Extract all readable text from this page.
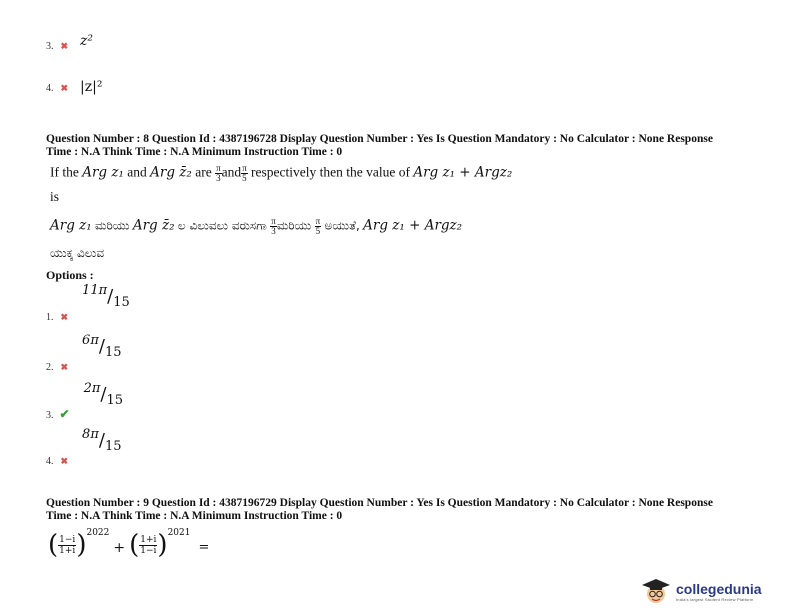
3. ✖ z²
4. ✖ |z|²
Question Number : 8 Question Id : 4387196728 Display Question Number : Yes Is Question Mandatory : No Calculator : None Response
Time : N.A Think Time : N.A Minimum Instruction Time : 0
If the Arg z₁ and Arg z̄₂ are $\frac{\pi}{3}$ and $\frac{\pi}{5}$ respectively then the value of Arg z₁ + Argz₂
is
Arg z₁ ಮರಿಯು Arg z̄₂ ಲ ವಿಲುವಲು ವರುಸಗಾ $\frac{\pi}{3}$ ಮರಿಯು $\frac{\pi}{5}$ ಅಯುತೆ, Arg z₁ + Argz₂
ಯುಕ್ಕ ವಿಲುವ
Options :
$_{1.}$ $_✖$ 11π/15
$_{2.}$ $_✖$ 6π/15
$_{3.}$ $_✔$ 2π/15
$_{4.}$ $_✖$ 8π/15
Question Number : 9 Question Id : 4387196729 Display Question Number : Yes Is Question Mandatory : No Calculator : None Response
Time : N.A Think Time : N.A Minimum Instruction Time : 0
( $\frac{1-i}{1+i}$ ) 2022
+ ( $\frac{1+i}{1-i}$ ) 2021
=
collegedunia
India's largest Student Review Platform
